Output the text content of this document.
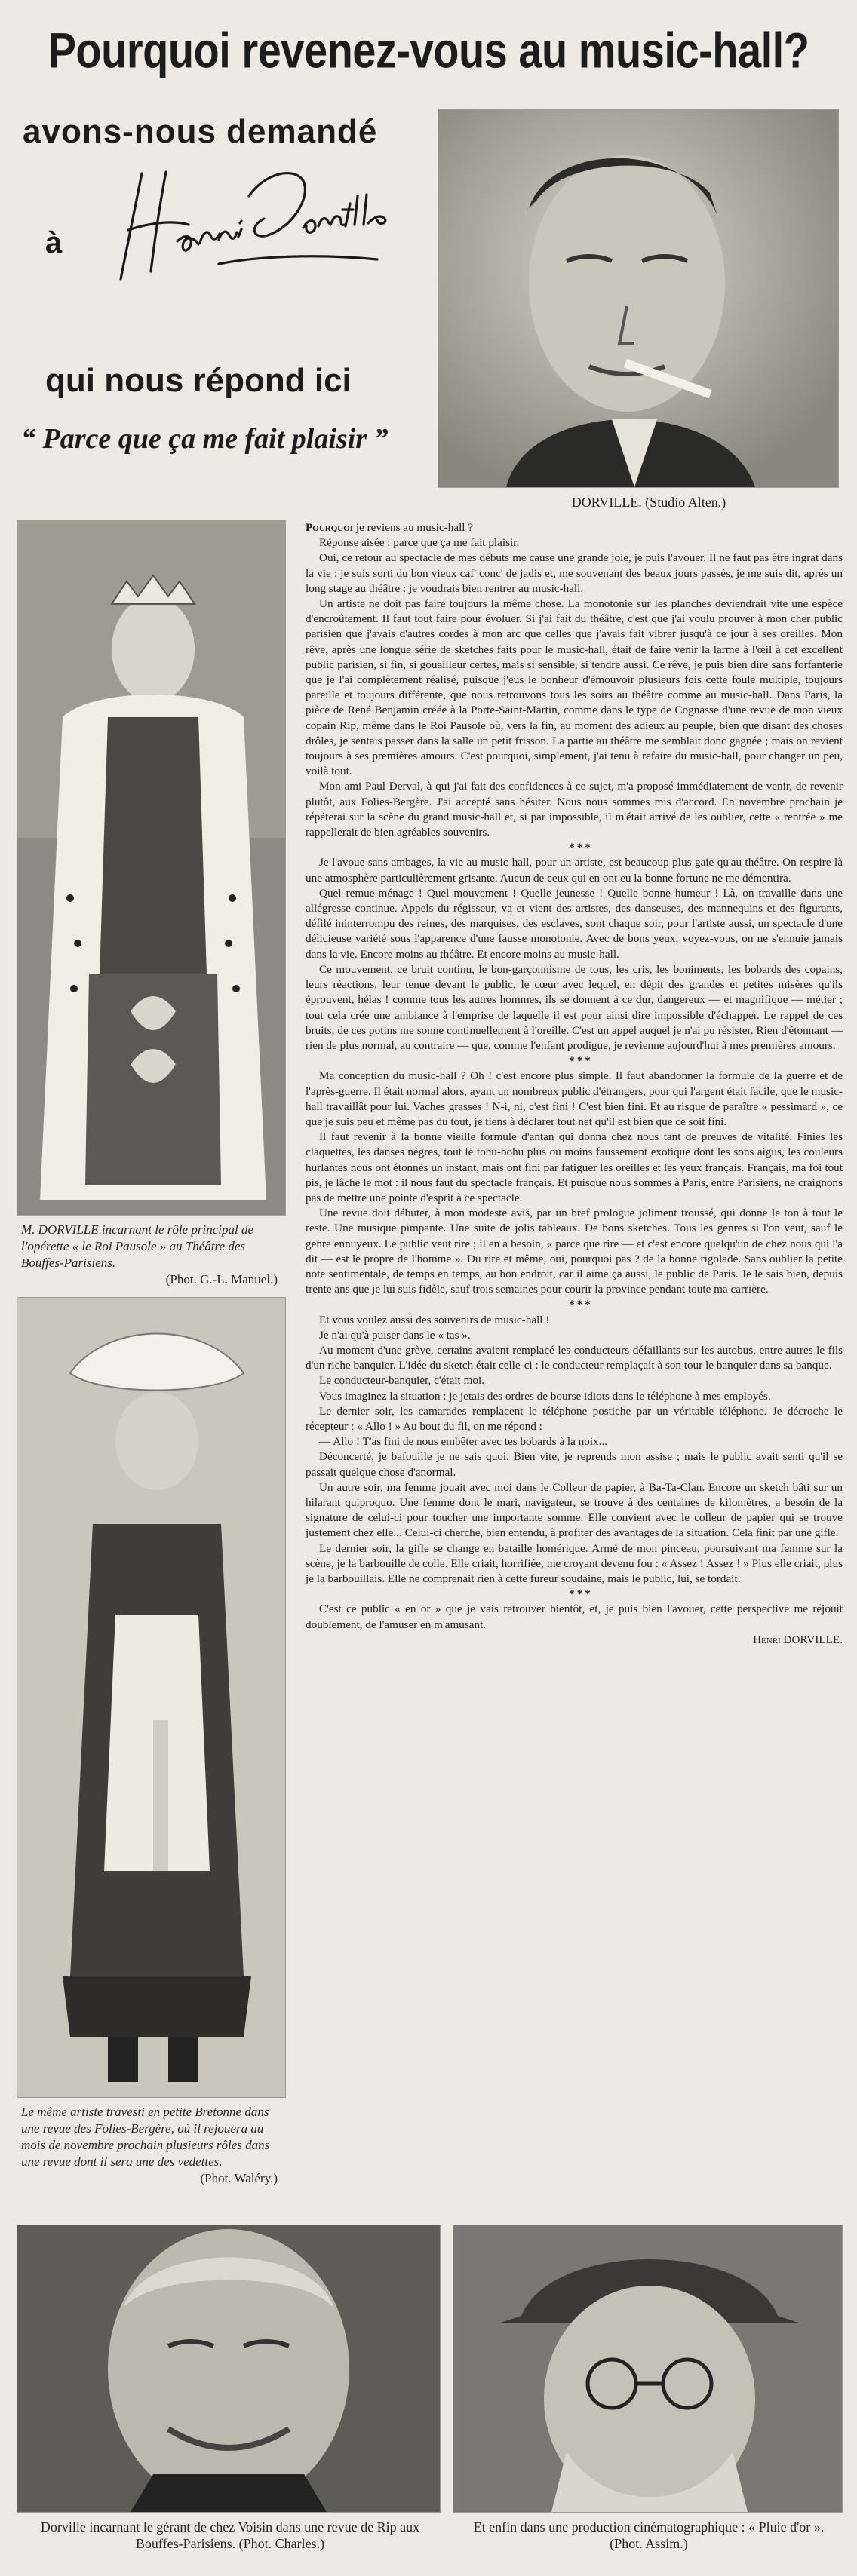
Pourquoi revenez-vous au music-hall?
avons-nous demandé
à
qui nous répond ici
“ Parce que ça me fait plaisir ”
DORVILLE. (Studio Alten.)
M. DORVILLE incarnant le rôle principal de l'opérette « le Roi Pausole » au Théâtre des Bouffes-Parisiens.
(Phot. G.-L. Manuel.)
Le même artiste travesti en petite Bretonne dans une revue des Folies-Bergère, où il rejouera au mois de novembre prochain plusieurs rôles dans une revue dont il sera une des vedettes.
(Phot. Waléry.)

Pourquoi je reviens au music-hall ?

Réponse aisée : parce que ça me fait plaisir.

Oui, ce retour au spectacle de mes débuts me cause une grande joie, je puis l'avouer. Il ne faut pas être ingrat dans la vie : je suis sorti du bon vieux caf' conc' de jadis et, me souvenant des beaux jours passés, je me suis dit, après un long stage au théâtre : je voudrais bien rentrer au music-hall.

Un artiste ne doit pas faire toujours la même chose. La monotonie sur les planches deviendrait vite une espèce d'encroûtement. Il faut tout faire pour évoluer. Si j'ai fait du théâtre, c'est que j'ai voulu prouver à mon cher public parisien que j'avais d'autres cordes à mon arc que celles que j'avais fait vibrer jusqu'à ce jour à ses oreilles. Mon rêve, après une longue série de sketches faits pour le music-hall, était de faire venir la larme à l'œil à cet excellent public parisien, si fin, si gouailleur certes, mais si sensible, si tendre aussi. Ce rêve, je puis bien dire sans forfanterie que je l'ai complètement réalisé, puisque j'eus le bonheur d'émouvoir plusieurs fois cette foule multiple, toujours pareille et toujours différente, que nous retrouvons tous les soirs au théâtre comme au music-hall. Dans Paris, la pièce de René Benjamin créée à la Porte-Saint-Martin, comme dans le type de Cognasse d'une revue de mon vieux copain Rip, même dans le Roi Pausole où, vers la fin, au moment des adieux au peuple, bien que disant des choses drôles, je sentais passer dans la salle un petit frisson. La partie au théâtre me semblait donc gagnée ; mais on revient toujours à ses premières amours. C'est pourquoi, simplement, j'ai tenu à refaire du music-hall, pour changer un peu, voilà tout.

Mon ami Paul Derval, à qui j'ai fait des confidences à ce sujet, m'a proposé immédiatement de venir, de revenir plutôt, aux Folies-Bergère. J'ai accepté sans hésiter. Nous nous sommes mis d'accord. En novembre prochain je répéterai sur la scène du grand music-hall et, si par impossible, il m'était arrivé de les oublier, cette « rentrée » me rappellerait de bien agréables souvenirs.

***

Je l'avoue sans ambages, la vie au music-hall, pour un artiste, est beaucoup plus gaie qu'au théâtre. On respire là une atmosphère particulièrement grisante. Aucun de ceux qui en ont eu la bonne fortune ne me démentira.

Quel remue-ménage ! Quel mouvement ! Quelle jeunesse ! Quelle bonne humeur ! Là, on travaille dans une allégresse continue. Appels du régisseur, va et vient des artistes, des danseuses, des mannequins et des figurants, défilé ininterrompu des reines, des marquises, des esclaves, sont chaque soir, pour l'artiste aussi, un spectacle d'une délicieuse variété sous l'apparence d'une fausse monotonie. Avec de bons yeux, voyez-vous, on ne s'ennuie jamais dans la vie. Encore moins au théâtre. Et encore moins au music-hall.

Ce mouvement, ce bruit continu, le bon-garçonnisme de tous, les cris, les boniments, les bobards des copains, leurs réactions, leur tenue devant le public, le cœur avec lequel, en dépit des grandes et petites misères qu'ils éprouvent, hélas ! comme tous les autres hommes, ils se donnent à ce dur, dangereux — et magnifique — métier ; tout cela crée une ambiance à l'emprise de laquelle il est pour ainsi dire impossible d'échapper. Le rappel de ces bruits, de ces potins me sonne continuellement à l'oreille. C'est un appel auquel je n'ai pu résister. Rien d'étonnant — rien de plus normal, au contraire — que, comme l'enfant prodigue, je revienne aujourd'hui à mes premières amours.

***

Ma conception du music-hall ? Oh ! c'est encore plus simple. Il faut abandonner la formule de la guerre et de l'après-guerre. Il était normal alors, ayant un nombreux public d'étrangers, pour qui l'argent était facile, que le music-hall travaillât pour lui. Vaches grasses ! N-i, ni, c'est fini ! C'est bien fini. Et au risque de paraître « pessimard », ce que je suis peu et même pas du tout, je tiens à déclarer tout net qu'il est bien que ce soit fini.

Il faut revenir à la bonne vieille formule d'antan qui donna chez nous tant de preuves de vitalité. Finies les claquettes, les danses nègres, tout le tohu-bohu plus ou moins faussement exotique dont les sons aigus, les couleurs hurlantes nous ont étonnés un instant, mais ont fini par fatiguer les oreilles et les yeux français. Français, ma foi tout pis, je lâche le mot : il nous faut du spectacle français. Et puisque nous sommes à Paris, entre Parisiens, ne craignons pas de mettre une pointe d'esprit à ce spectacle.

Une revue doit débuter, à mon modeste avis, par un bref prologue joliment troussé, qui donne le ton à tout le reste. Une musique pimpante. Une suite de jolis tableaux. De bons sketches. Tous les genres si l'on veut, sauf le genre ennuyeux. Le public veut rire ; il en a besoin, « parce que rire — et c'est encore quelqu'un de chez nous qui l'a dit — est le propre de l'homme ». Du rire et même, oui, pourquoi pas ? de la bonne rigolade. Sans oublier la petite note sentimentale, de temps en temps, au bon endroit, car il aime ça aussi, le public de Paris. Je le sais bien, depuis trente ans que je lui suis fidèle, sauf trois semaines pour courir la province pendant toute ma carrière.

***

Et vous voulez aussi des souvenirs de music-hall !

Je n'ai qu'à puiser dans le « tas ».

Au moment d'une grève, certains avaient remplacé les conducteurs défaillants sur les autobus, entre autres le fils d'un riche banquier. L'idée du sketch était celle-ci : le conducteur remplaçait à son tour le banquier dans sa banque.

Le conducteur-banquier, c'était moi.

Vous imaginez la situation : je jetais des ordres de bourse idiots dans le téléphone à mes employés.

Le dernier soir, les camarades remplacent le téléphone postiche par un véritable téléphone. Je décroche le récepteur : « Allo ! » Au bout du fil, on me répond :

— Allo ! T'as fini de nous embêter avec tes bobards à la noix...

Déconcerté, je bafouille je ne sais quoi. Bien vite, je reprends mon assise ; mais le public avait senti qu'il se passait quelque chose d'anormal.

Un autre soir, ma femme jouait avec moi dans le Colleur de papier, à Ba-Ta-Clan. Encore un sketch bâti sur un hilarant quiproquo. Une femme dont le mari, navigateur, se trouve à des centaines de kilomètres, a besoin de la signature de celui-ci pour toucher une importante somme. Elle convient avec le colleur de papier qui se trouve justement chez elle... Celui-ci cherche, bien entendu, à profiter des avantages de la situation. Cela finit par une gifle.

Le dernier soir, la gifle se change en bataille homérique. Armé de mon pinceau, poursuivant ma femme sur la scène, je la barbouille de colle. Elle criait, horrifiée, me croyant devenu fou : « Assez ! Assez ! » Plus elle criait, plus je la barbouillais. Elle ne comprenait rien à cette fureur soudaine, mais le public, lui, se tordait.

***

C'est ce public « en or » que je vais retrouver bientôt, et, je puis bien l'avouer, cette perspective me réjouit doublement, de l'amuser en m'amusant.

Henri DORVILLE.

Dorville incarnant le gérant de chez Voisin dans une revue de Rip aux Bouffes-Parisiens. (Phot. Charles.)
Et enfin dans une production cinématographique : « Pluie d'or ». (Phot. Assim.)
